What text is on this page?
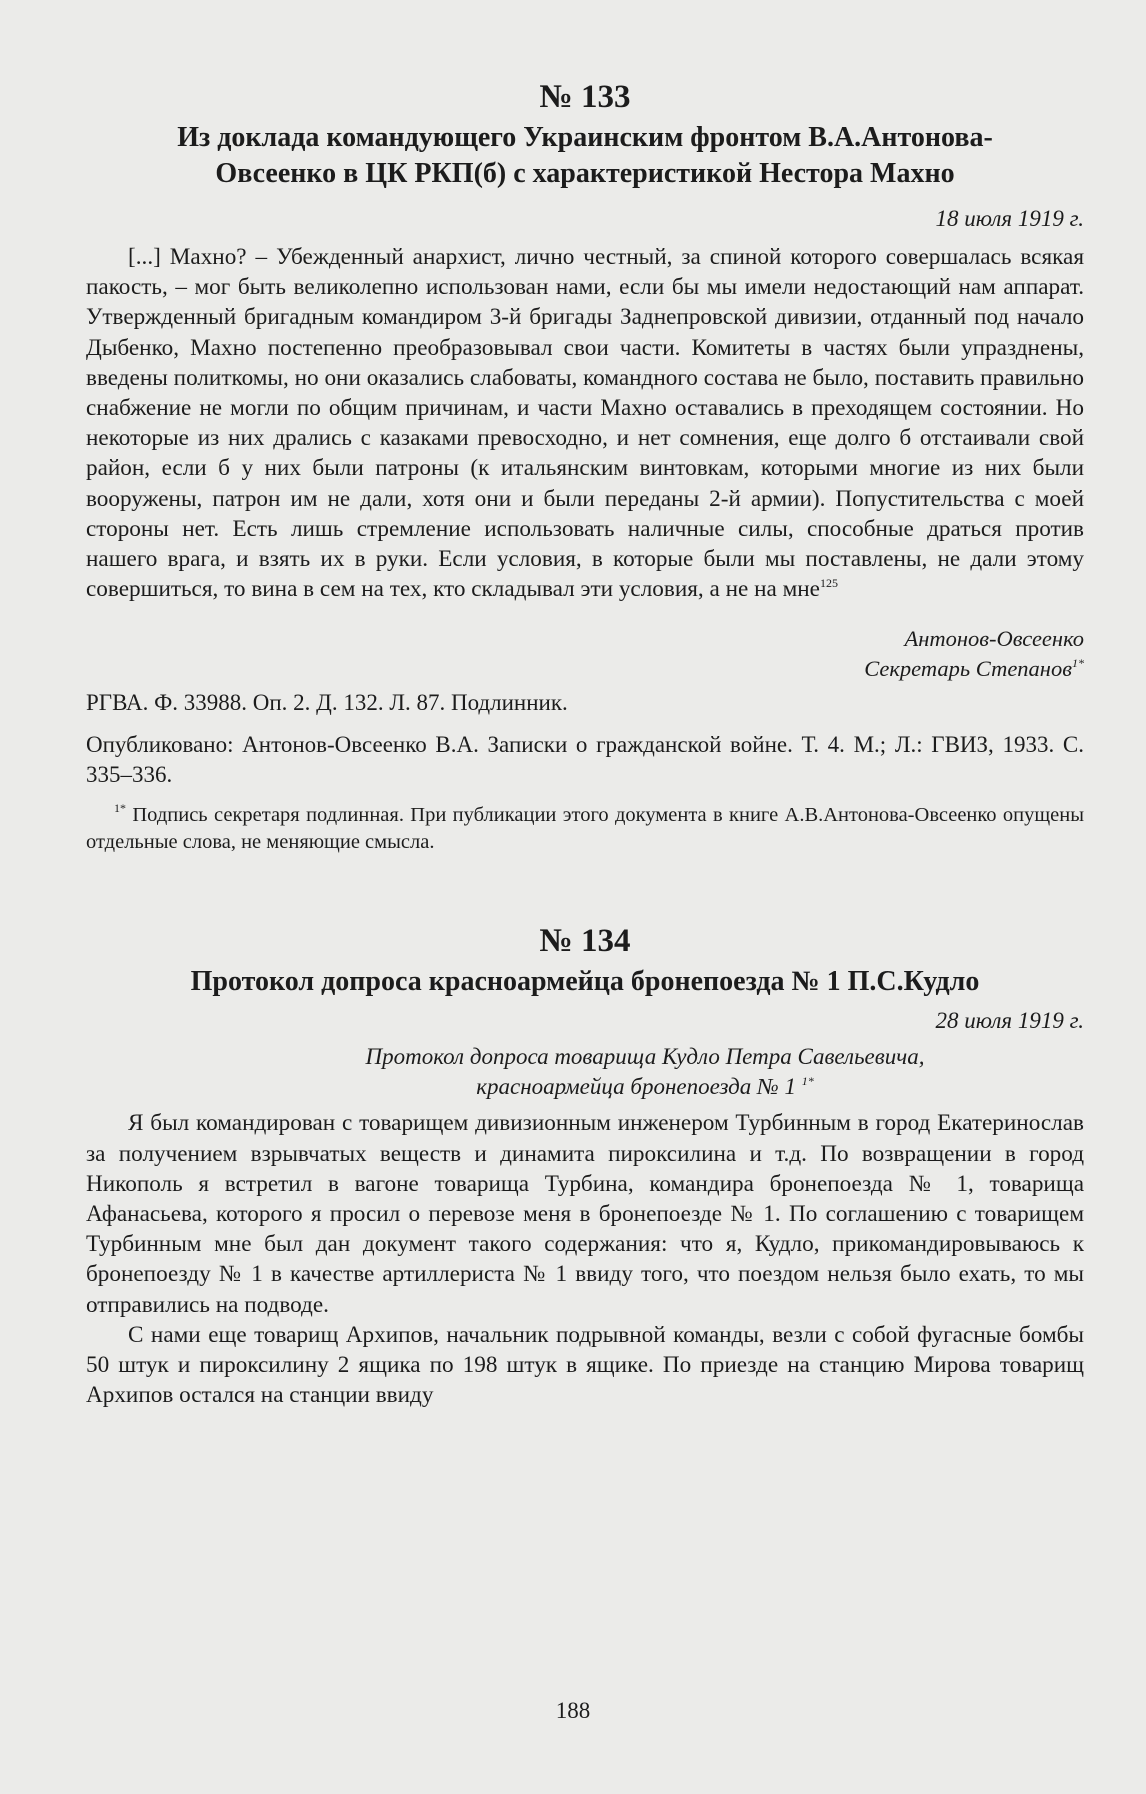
№ 133
Из доклада командующего Украинским фронтом В.А.Антонова-Овсеенко в ЦК РКП(б) с характеристикой Нестора Махно
18 июля 1919 г.

[...] Махно? – Убежденный анархист, лично честный, за спиной которого совершалась всякая пакость, – мог быть великолепно использован нами, если бы мы имели недостающий нам аппарат. Утвержденный бригадным командиром 3-й бригады Заднепровской дивизии, отданный под начало Дыбенко, Махно постепенно преобразовывал свои части. Комитеты в частях были упразднены, введены политкомы, но они оказались слабоваты, командного состава не было, поставить правильно снабжение не могли по общим причинам, и части Махно оставались в преходящем состоянии. Но некоторые из них дрались с казаками превосходно, и нет сомнения, еще долго б отстаивали свой район, если б у них были патроны (к итальянским винтовкам, которыми многие из них были вооружены, патрон им не дали, хотя они и были переданы 2-й армии). Попустительства с моей стороны нет. Есть лишь стремление использовать наличные силы, способные драться против нашего врага, и взять их в руки. Если условия, в которые были мы поставлены, не дали этому совершиться, то вина в сем на тех, кто складывал эти условия, а не на мне$^{125}$

Антонов-Овсеенко
Секретарь Степанов$^{1*}$
РГВА. Ф. 33988. Оп. 2. Д. 132. Л. 87. Подлинник.
Опубликовано: Антонов-Овсеенко В.А. Записки о гражданской войне. Т. 4. М.; Л.: ГВИЗ, 1933. С. 335–336.

$^{1*}$ Подпись секретаря подлинная. При публикации этого документа в книге А.В.Антонова-Овсеенко опущены отдельные слова, не меняющие смысла.

№ 134
Протокол допроса красноармейца бронепоезда № 1 П.С.Кудло
28 июля 1919 г.
Протокол допроса товарища Кудло Петра Савельевича,
красноармейца бронепоезда № 1 $^{1*}$

Я был командирован с товарищем дивизионным инженером Турбинным в город Екатеринослав за получением взрывчатых веществ и динамита пироксилина и т.д. По возвращении в город Никополь я встретил в вагоне товарища Турбина, командира бронепоезда № 1, товарища Афанасьева, которого я просил о перевозе меня в бронепоезде № 1. По соглашению с товарищем Турбинным мне был дан документ такого содержания: что я, Кудло, прикомандировываюсь к бронепоезду № 1 в качестве артиллериста № 1 ввиду того, что поездом нельзя было ехать, то мы отправились на подводе.

С нами еще товарищ Архипов, начальник подрывной команды, везли с собой фугасные бомбы 50 штук и пироксилину 2 ящика по 198 штук в ящике. По приезде на станцию Мирова товарищ Архипов остался на станции ввиду

188
